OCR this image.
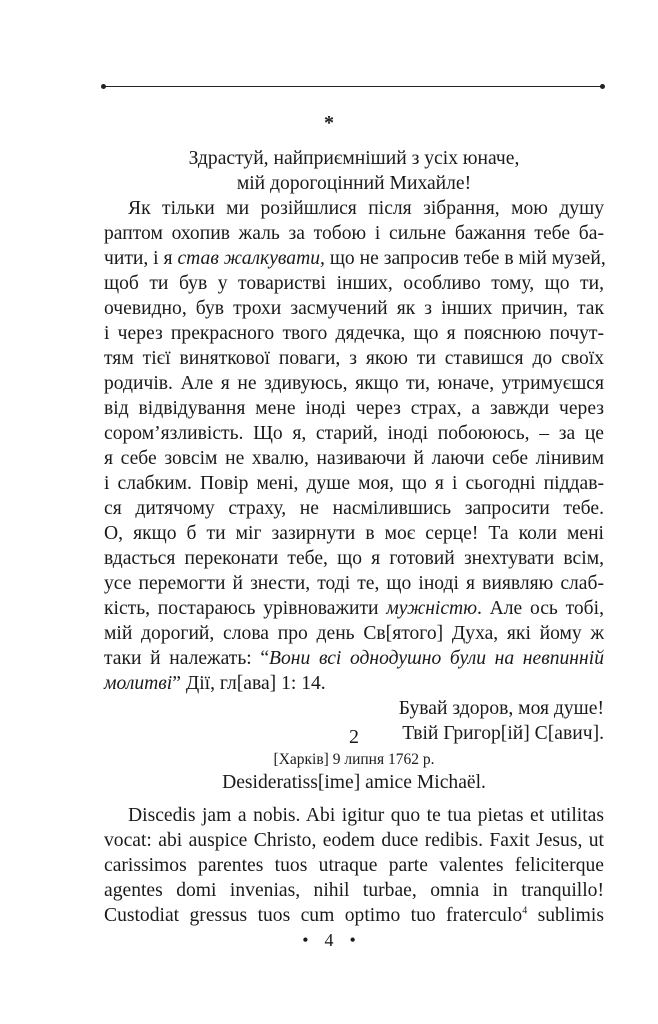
*
Здрастуй, найприємніший з усіх юначе,
мій дорогоцінний Михайле!
Як тільки ми розійшлися після зібрання, мою душу
раптом охопив жаль за тобою і сильне бажання тебе ба-
чити, і я став жалкувати, що не запросив тебе в мій музей,
щоб ти був у товаристві інших, особливо тому, що ти,
очевидно, був трохи засмучений як з інших причин, так
і через прекрасного твого дядечка, що я пояснюю почут-
тям тієї виняткової поваги, з якою ти ставишся до своїх
родичів. Але я не здивуюсь, якщо ти, юначе, утримуєшся
від відвідування мене іноді через страх, а завжди через
сором’язливість. Що я, старий, іноді побоююсь, – за це
я себе зовсім не хвалю, називаючи й лаючи себе лінивим
і слабким. Повір мені, душе моя, що я і сьогодні піддав-
ся дитячому страху, не насмілившись запросити тебе.
О, якщо б ти міг зазирнути в моє серце! Та коли мені
вдасться переконати тебе, що я готовий знехтувати всім,
усе перемогти й знести, тоді те, що іноді я виявляю слаб-
кість, постараюсь урівноважити мужністю. Але ось тобі,
мій дорогий, слова про день Св[ятого] Духа, які йому ж
таки й належать: “Вони всі однодушно були на невпинній
молитві” Дії, гл[ава] 1: 14.
Бувай здоров, моя душе!
Твій Григор[ій] С[авич].
2
[Харків] 9 липня 1762 р.
Desideratiss[ime] amice Michaël.
Discedis jam a nobis. Abi igitur quo te tua pietas et utilitas
vocat: abi auspice Christo, eodem duce redibis. Faxit Jesus, ut
carissimos parentes tuos utraque parte valentes feliciterque
agentes domi invenias, nihil turbae, omnia in tranquillo!
Custodiat gressus tuos cum optimo tuo fraterculo$^4$ sublimis
• 4 •
